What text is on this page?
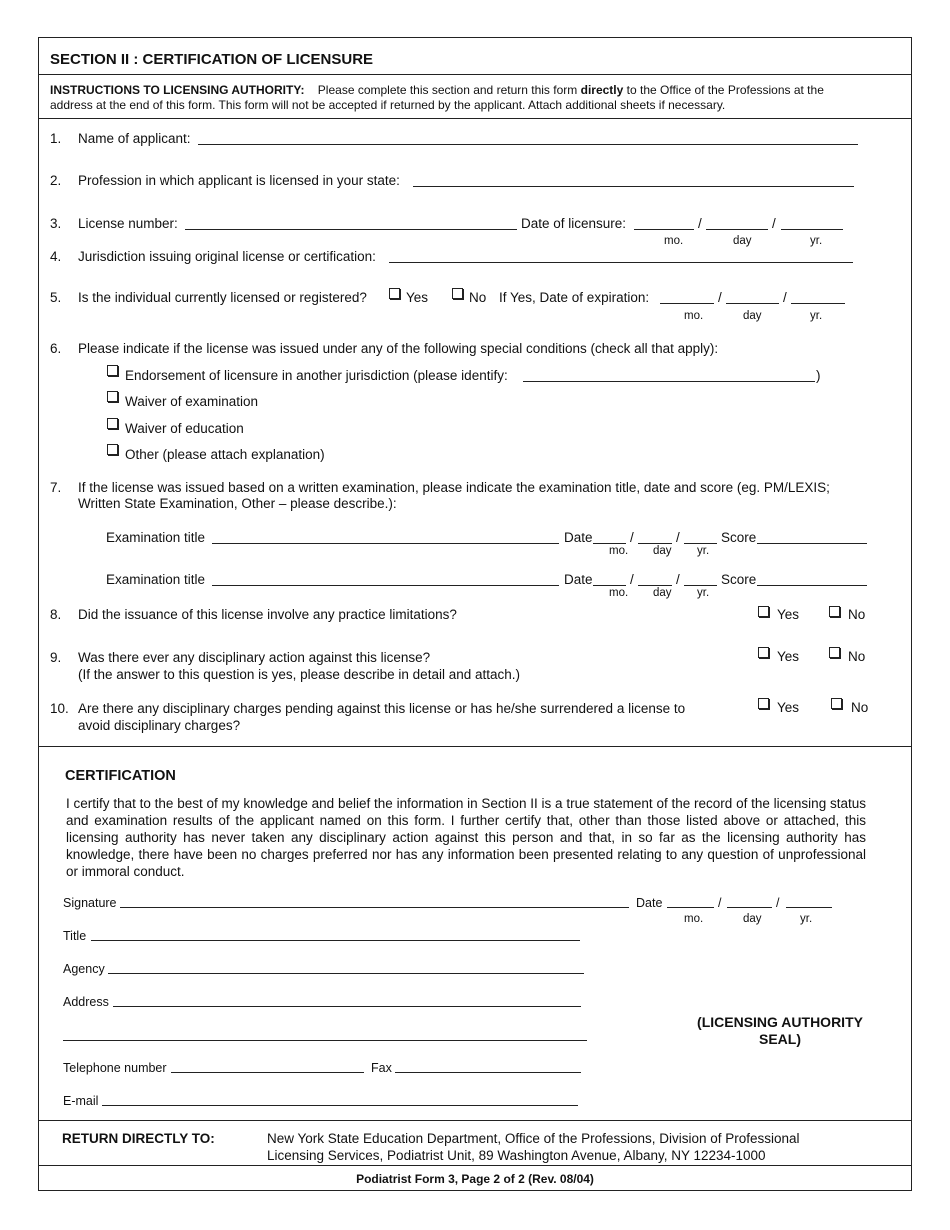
SECTION II : CERTIFICATION OF LICENSURE
INSTRUCTIONS TO LICENSING AUTHORITY: Please complete this section and return this form directly to the Office of the Professions at the
address at the end of this form. This form will not be accepted if returned by the applicant. Attach additional sheets if necessary.
1. Name of applicant:
2. Profession in which applicant is licensed in your state:
3. License number:	Date of licensure:	/	/
mo.	day	yr.
4. Jurisdiction issuing original license or certification:
5. Is the individual currently licensed or registered?	Yes	No If Yes, Date of expiration:	/	/
mo.	day	yr.
6. Please indicate if the license was issued under any of the following special conditions (check all that apply):
Endorsement of licensure in another jurisdiction (please identify:	)
Waiver of examination
Waiver of education
Other (please attach explanation)
7. If the license was issued based on a written examination, please indicate the examination title, date and score (eg. PM/LEXIS;
Written State Examination, Other – please describe.):
Examination title	Date	/	/	Score
mo. day yr.
Examination title	Date	/	/	Score
mo. day yr.
8. Did the issuance of this license involve any practice limitations?	Yes	No
9. Was there ever any disciplinary action against this license?
(If the answer to this question is yes, please describe in detail and attach.)
Yes	No
10. Are there any disciplinary charges pending against this license or has he/she surrendered a license to
avoid disciplinary charges?
Yes	No
CERTIFICATION
I certify that to the best of my knowledge and belief the information in Section II is a true statement of the record of the licensing status and examination results of the applicant named on this form. I further certify that, other than those listed above or attached, this licensing authority has never taken any disciplinary action against this person and that, in so far as the licensing authority has knowledge, there have been no charges preferred nor has any information been presented relating to any question of unprofessional or immoral conduct.
Signature	Date	/	/
mo.	day	yr.
Title
Agency
Address
(LICENSING AUTHORITY
SEAL)
Telephone number	Fax
E-mail
RETURN DIRECTLY TO:	New York State Education Department, Office of the Professions, Division of Professional
Licensing Services, Podiatrist Unit, 89 Washington Avenue, Albany, NY 12234-1000
Podiatrist Form 3, Page 2 of 2 (Rev. 08/04)
